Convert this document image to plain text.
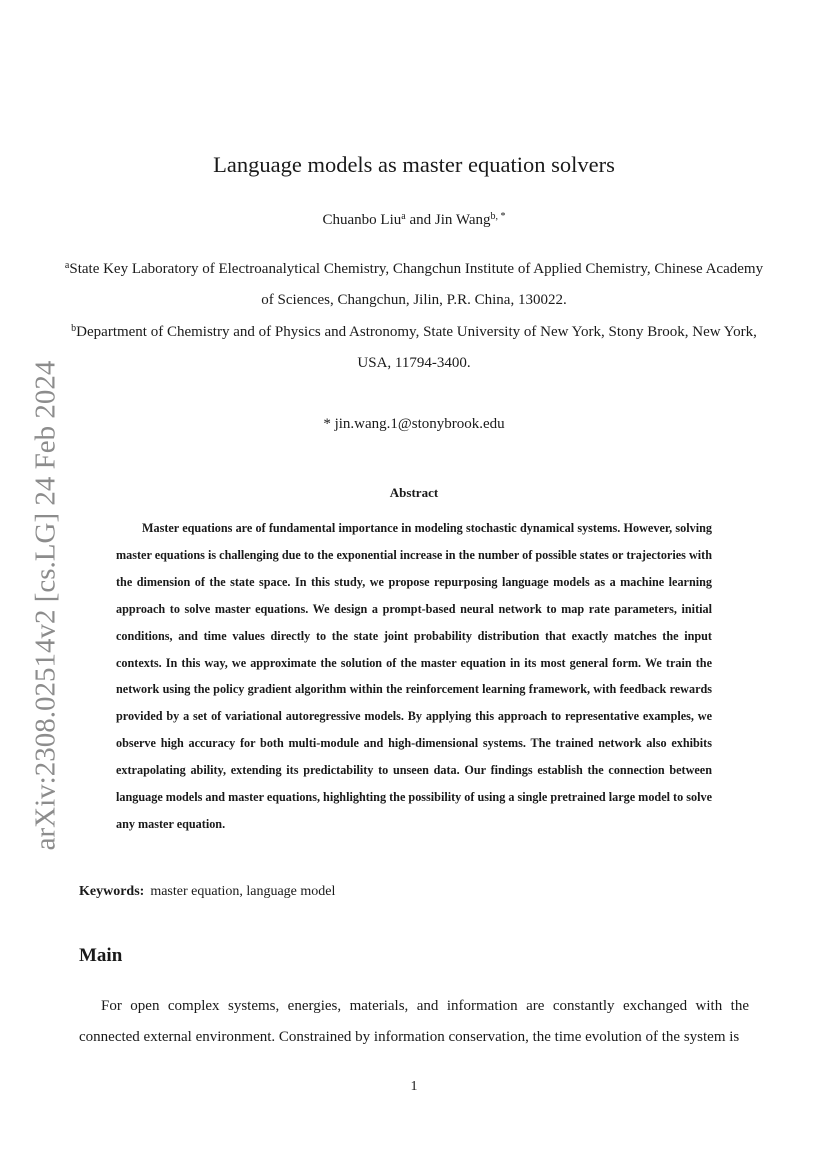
arXiv:2308.02514v2 [cs.LG] 24 Feb 2024
Language models as master equation solvers
Chuanbo Liu$^a$ and Jin Wang$^{b, *}$
$^a$State Key Laboratory of Electroanalytical Chemistry, Changchun Institute of Applied Chemistry, Chinese Academy of Sciences, Changchun, Jilin, P.R. China, 130022.
$^b$Department of Chemistry and of Physics and Astronomy, State University of New York, Stony Brook, New York, USA, 11794-3400.
* jin.wang.1@stonybrook.edu
Abstract

Master equations are of fundamental importance in modeling stochastic dynamical systems. However, solving master equations is challenging due to the exponential increase in the number of possible states or trajectories with the dimension of the state space. In this study, we propose repurposing language models as a machine learning approach to solve master equations. We design a prompt-based neural network to map rate parameters, initial conditions, and time values directly to the state joint probability distribution that exactly matches the input contexts. In this way, we approximate the solution of the master equation in its most general form. We train the network using the policy gradient algorithm within the reinforcement learning framework, with feedback rewards provided by a set of variational autoregressive models. By applying this approach to representative examples, we observe high accuracy for both multi-module and high-dimensional systems. The trained network also exhibits extrapolating ability, extending its predictability to unseen data. Our findings establish the connection between language models and master equations, highlighting the possibility of using a single pretrained large model to solve any master equation.

Keywords: master equation, language model
Main

For open complex systems, energies, materials, and information are constantly exchanged with the connected external environment. Constrained by information conservation, the time evolution of the system is

1
